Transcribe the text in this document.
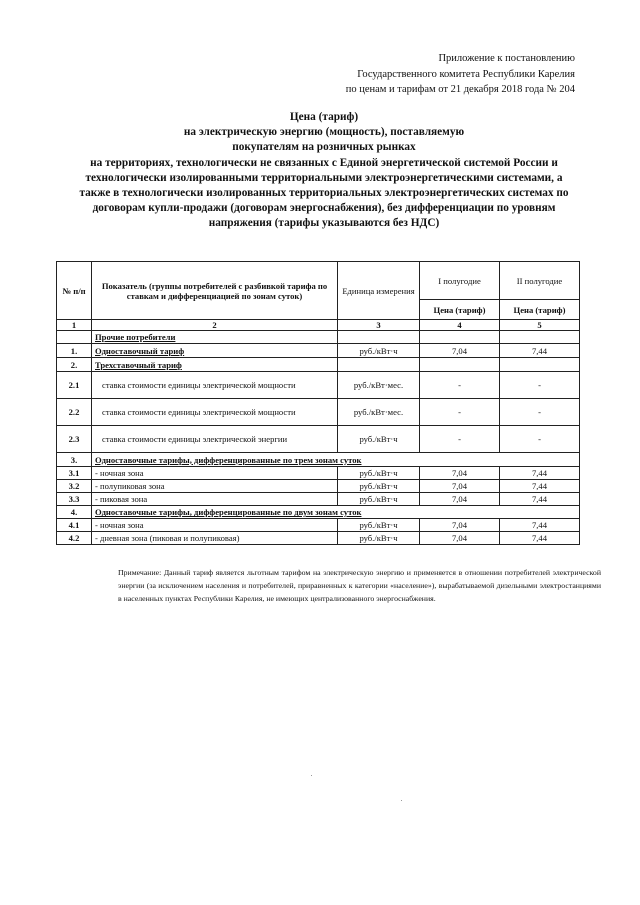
Приложение к постановлению
Государственного комитета Республики Карелия
по ценам и тарифам от 21 декабря 2018 года № 204
Цена (тариф)
на электрическую энергию (мощность), поставляемую
покупателям на розничных рынках
на территориях, технологически не связанных с Единой энергетической системой России и
технологически изолированными территориальными электроэнергетическими системами, а
также в технологически изолированных территориальных электроэнергетических системах по
договорам купли-продажи (договорам энергоснабжения), без дифференциации по уровням
напряжения (тарифы указываются без НДС)
№ п/п	Показатель (группы потребителей с разбивкой тарифа по ставкам и дифференциацией по зонам суток)	Единица измерения	I полугодие	II полугодие
			Цена (тариф)	Цена (тариф)
1	2	3	4	5
	Прочие потребители			
1.	Одноставочный тариф	руб./кВт·ч	7,04	7,44
2.	Трехставочный тариф			
2.1	ставка стоимости единицы электрической мощности	руб./кВт·мес.	-	-
2.2	ставка стоимости единицы электрической мощности	руб./кВт·мес.	-	-
2.3	ставка стоимости единицы электрической энергии	руб./кВт·ч	-	-
3.	Одноставочные тарифы, дифференцированные по трем зонам суток			
3.1	- ночная зона	руб./кВт·ч	7,04	7,44
3.2	- полупиковая зона	руб./кВт·ч	7,04	7,44
3.3	- пиковая зона	руб./кВт·ч	7,04	7,44
4.	Одноставочные тарифы, дифференцированные по двум зонам суток			
4.1	- ночная зона	руб./кВт·ч	7,04	7,44
4.2	- дневная зона (пиковая и полупиковая)	руб./кВт·ч	7,04	7,44
Примечание: Данный тариф является льготным тарифом на электрическую энергию и применяется в отношении потребителей электрической энергии (за исключением населения и потребителей, приравненных к категории «население»), вырабатываемой дизельными электростанциями в населенных пунктах Республики Карелия, не имеющих централизованного энергоснабжения.
